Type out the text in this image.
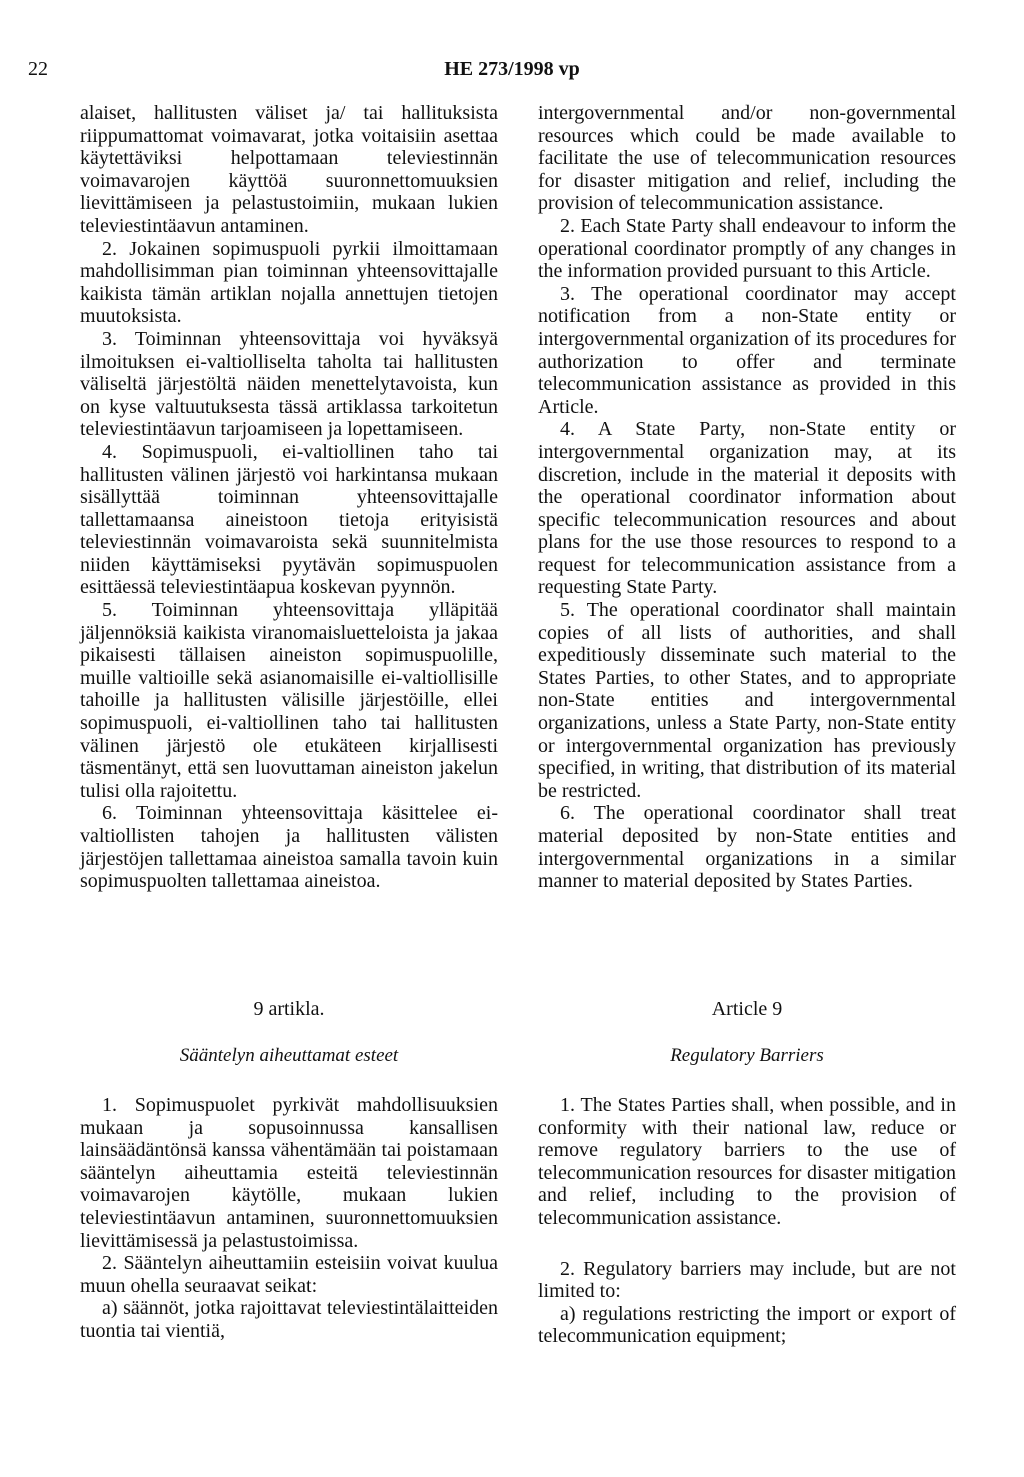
22	HE 273/1998 vp

alaiset, hallitusten väliset ja/ tai hallituksista riippumattomat voimavarat, jotka voitaisiin asettaa käytettäviksi helpottamaan televiestinnän voimavarojen käyttöä suuronnettomuuksien lievittämiseen ja pelastustoimiin, mukaan lukien televiestintäavun antaminen.

2. Jokainen sopimuspuoli pyrkii ilmoittamaan mahdollisimman pian toiminnan yhteensovittajalle kaikista tämän artiklan nojalla annettujen tietojen muutoksista.

3. Toiminnan yhteensovittaja voi hyväksyä ilmoituksen ei-valtiolliselta taholta tai hallitusten väliseltä järjestöltä näiden menettelytavoista, kun on kyse valtuutuksesta tässä artiklassa tarkoitetun televiestintäavun tarjoamiseen ja lopettamiseen.

4. Sopimuspuoli, ei-valtiollinen taho tai hallitusten välinen järjestö voi harkintansa mukaan sisällyttää toiminnan yhteensovittajalle tallettamaansa aineistoon tietoja erityisistä televiestinnän voimavaroista sekä suunnitelmista niiden käyttämiseksi pyytävän sopimuspuolen esittäessä televiestintäapua koskevan pyynnön.

5. Toiminnan yhteensovittaja ylläpitää jäljennöksiä kaikista viranomaisluetteloista ja jakaa pikaisesti tällaisen aineiston sopimuspuolille, muille valtioille sekä asianomaisille ei-valtiollisille tahoille ja hallitusten välisille järjestöille, ellei sopimuspuoli, ei-valtiollinen taho tai hallitusten välinen järjestö ole etukäteen kirjallisesti täsmentänyt, että sen luovuttaman aineiston jakelun tulisi olla rajoitettu.

6. Toiminnan yhteensovittaja käsittelee ei-valtiollisten tahojen ja hallitusten välisten järjestöjen tallettamaa aineistoa samalla tavoin kuin sopimuspuolten tallettamaa aineistoa.

intergovernmental and/or non-governmental resources which could be made available to facilitate the use of telecommunication resources for disaster mitigation and relief, including the provision of telecommunication assistance.

2. Each State Party shall endeavour to inform the operational coordinator promptly of any changes in the information provided pursuant to this Article.

3. The operational coordinator may accept notification from a non-State entity or intergovernmental organization of its procedures for authorization to offer and terminate telecommunication assistance as provided in this Article.

4. A State Party, non-State entity or intergovernmental organization may, at its discretion, include in the material it deposits with the operational coordinator information about specific telecommunication resources and about plans for the use those resources to respond to a request for telecommunication assistance from a requesting State Party.

5. The operational coordinator shall maintain copies of all lists of authorities, and shall expeditiously disseminate such material to the States Parties, to other States, and to appropriate non-State entities and intergovernmental organizations, unless a State Party, non-State entity or intergovernmental organization has previously specified, in writing, that distribution of its material be restricted.

6. The operational coordinator shall treat material deposited by non-State entities and intergovernmental organizations in a similar manner to material deposited by States Parties.

9 artikla.	Article 9
Sääntelyn aiheuttamat esteet	Regulatory Barriers

1. Sopimuspuolet pyrkivät mahdollisuuksien mukaan ja sopusoinnussa kansallisen lainsäädäntönsä kanssa vähentämään tai poistamaan sääntelyn aiheuttamia esteitä televiestinnän voimavarojen käytölle, mukaan lukien televiestintäavun antaminen, suuronnettomuuksien lievittämisessä ja pelastustoimissa.

2. Sääntelyn aiheuttamiin esteisiin voivat kuulua muun ohella seuraavat seikat:

a) säännöt, jotka rajoittavat televiestintälaitteiden tuontia tai vientiä,

1. The States Parties shall, when possible, and in conformity with their national law, reduce or remove regulatory barriers to the use of telecommunication resources for disaster mitigation and relief, including to the provision of telecommunication assistance.

2. Regulatory barriers may include, but are not limited to:

a) regulations restricting the import or export of telecommunication equipment;
